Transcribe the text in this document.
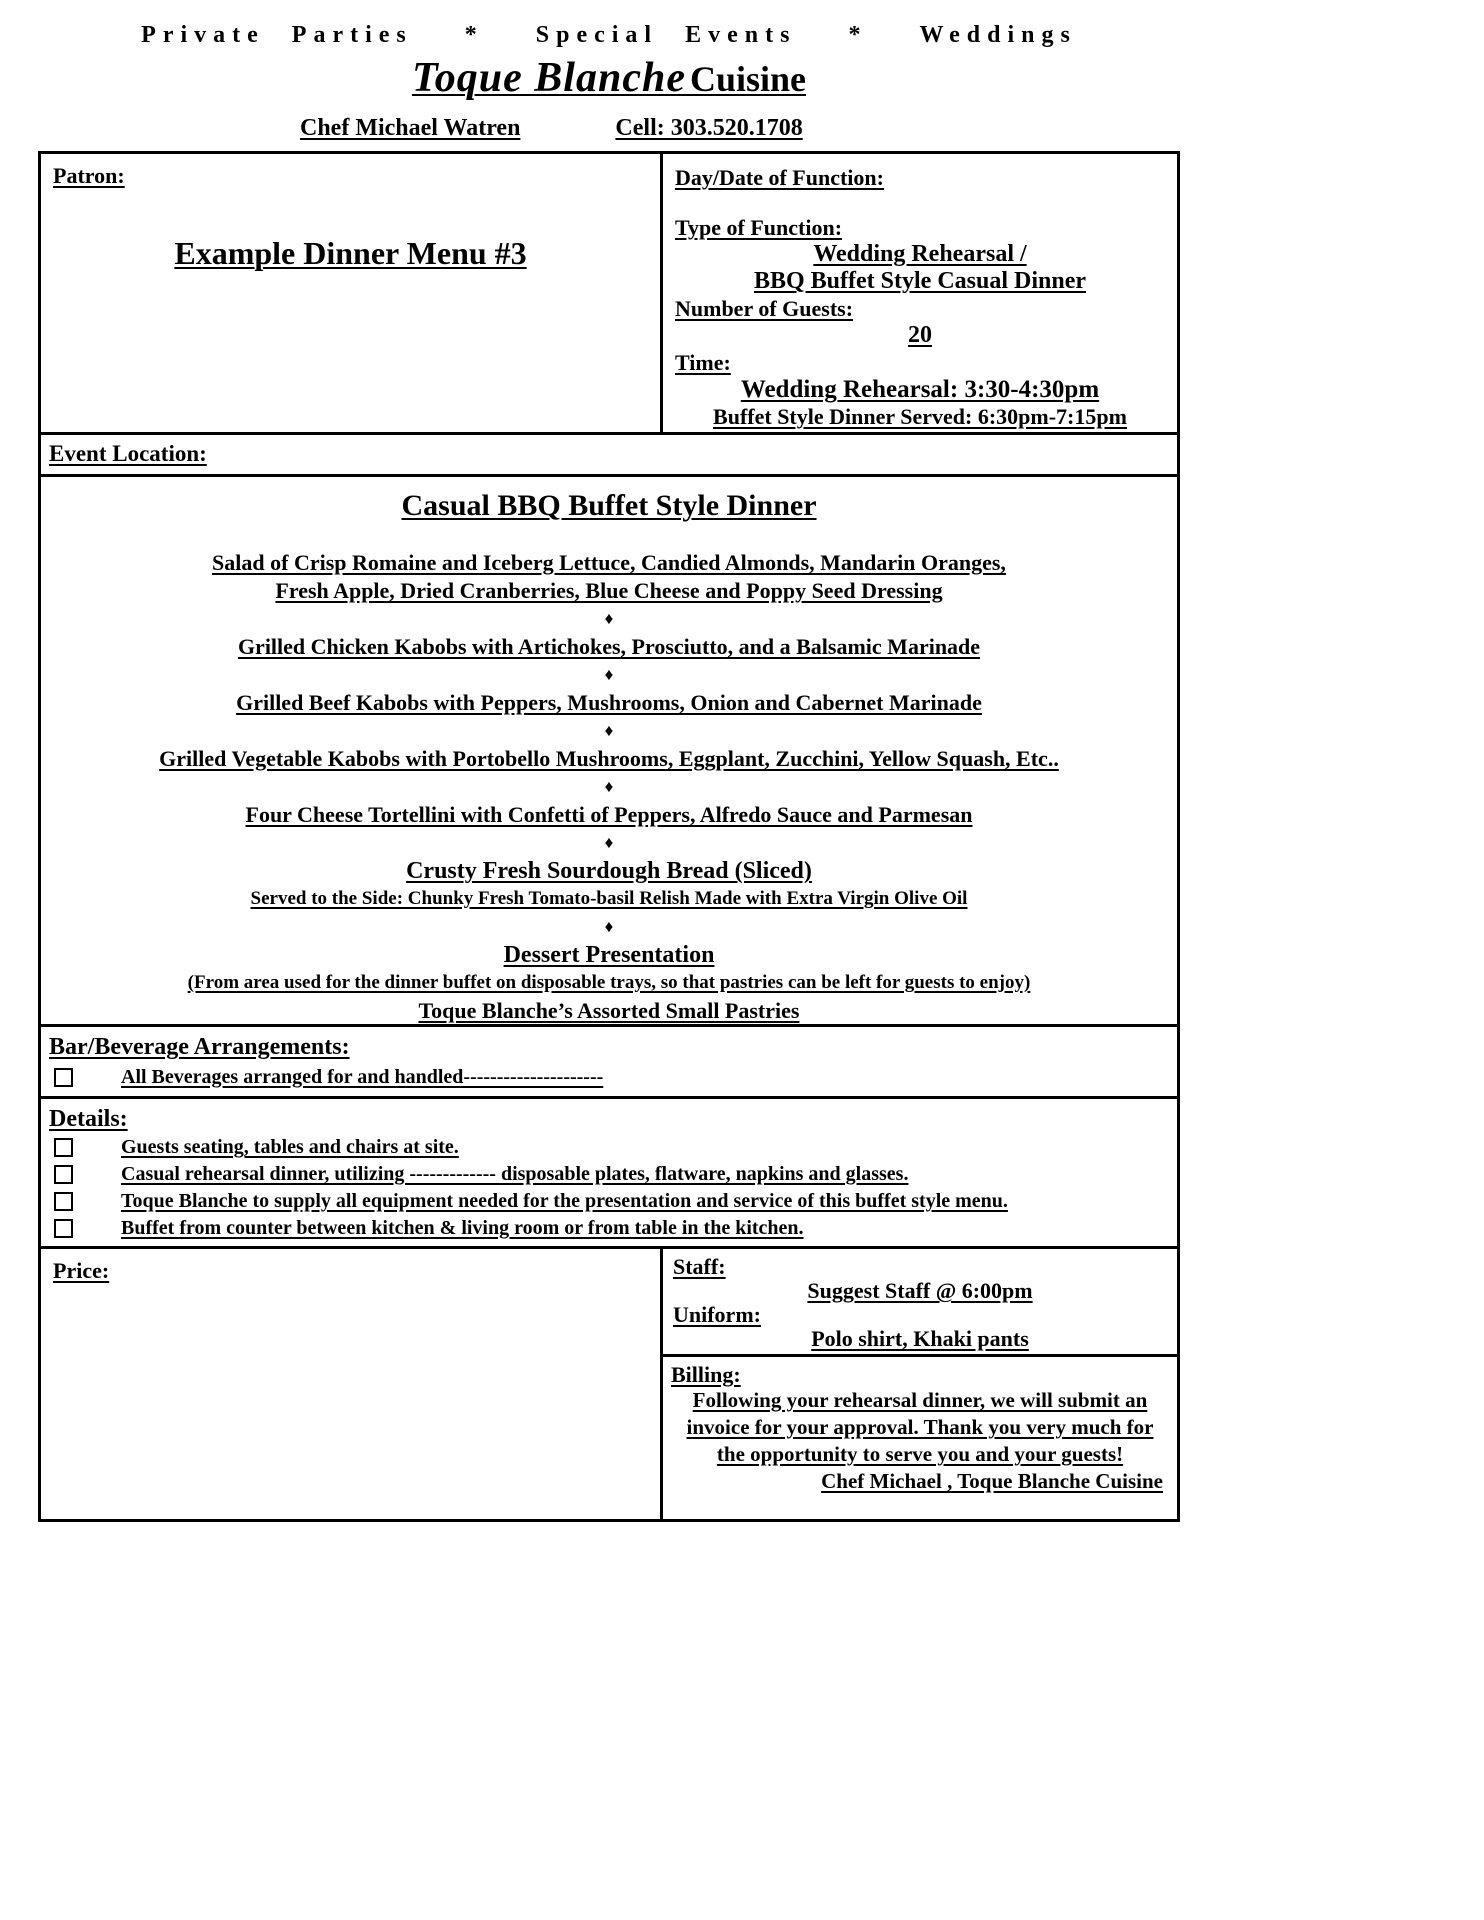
Private Parties * Special Events * Weddings
Toque Blanche Cuisine
Chef Michael Watren	Cell: 303.520.1708
Patron:
Example Dinner Menu #3
Day/Date of Function:
Type of Function:
Wedding Rehearsal /
BBQ Buffet Style Casual Dinner
Number of Guests:
20
Time:
Wedding Rehearsal: 3:30-4:30pm
Buffet Style Dinner Served: 6:30pm-7:15pm
Event Location:
Casual BBQ Buffet Style Dinner
Salad of Crisp Romaine and Iceberg Lettuce, Candied Almonds, Mandarin Oranges,
Fresh Apple, Dried Cranberries, Blue Cheese and Poppy Seed Dressing
♦
Grilled Chicken Kabobs with Artichokes, Prosciutto, and a Balsamic Marinade
♦
Grilled Beef Kabobs with Peppers, Mushrooms, Onion and Cabernet Marinade
♦
Grilled Vegetable Kabobs with Portobello Mushrooms, Eggplant, Zucchini, Yellow Squash, Etc..
♦
Four Cheese Tortellini with Confetti of Peppers, Alfredo Sauce and Parmesan
♦
Crusty Fresh Sourdough Bread (Sliced)
Served to the Side: Chunky Fresh Tomato-basil Relish Made with Extra Virgin Olive Oil
♦
Dessert Presentation
(From area used for the dinner buffet on disposable trays, so that pastries can be left for guests to enjoy)
Toque Blanche’s Assorted Small Pastries
Bar/Beverage Arrangements:
All Beverages arranged for and handled---------------------
Details:
Guests seating, tables and chairs at site.
Casual rehearsal dinner, utilizing ------------- disposable plates, flatware, napkins and glasses.
Toque Blanche to supply all equipment needed for the presentation and service of this buffet style menu.
Buffet from counter between kitchen & living room or from table in the kitchen.
Price:	Staff:
Suggest Staff @ 6:00pm
Uniform:
Polo shirt, Khaki pants
Billing:
Following your rehearsal dinner, we will submit an invoice for your approval. Thank you very much for the opportunity to serve you and your guests!
Chef Michael , Toque Blanche Cuisine
